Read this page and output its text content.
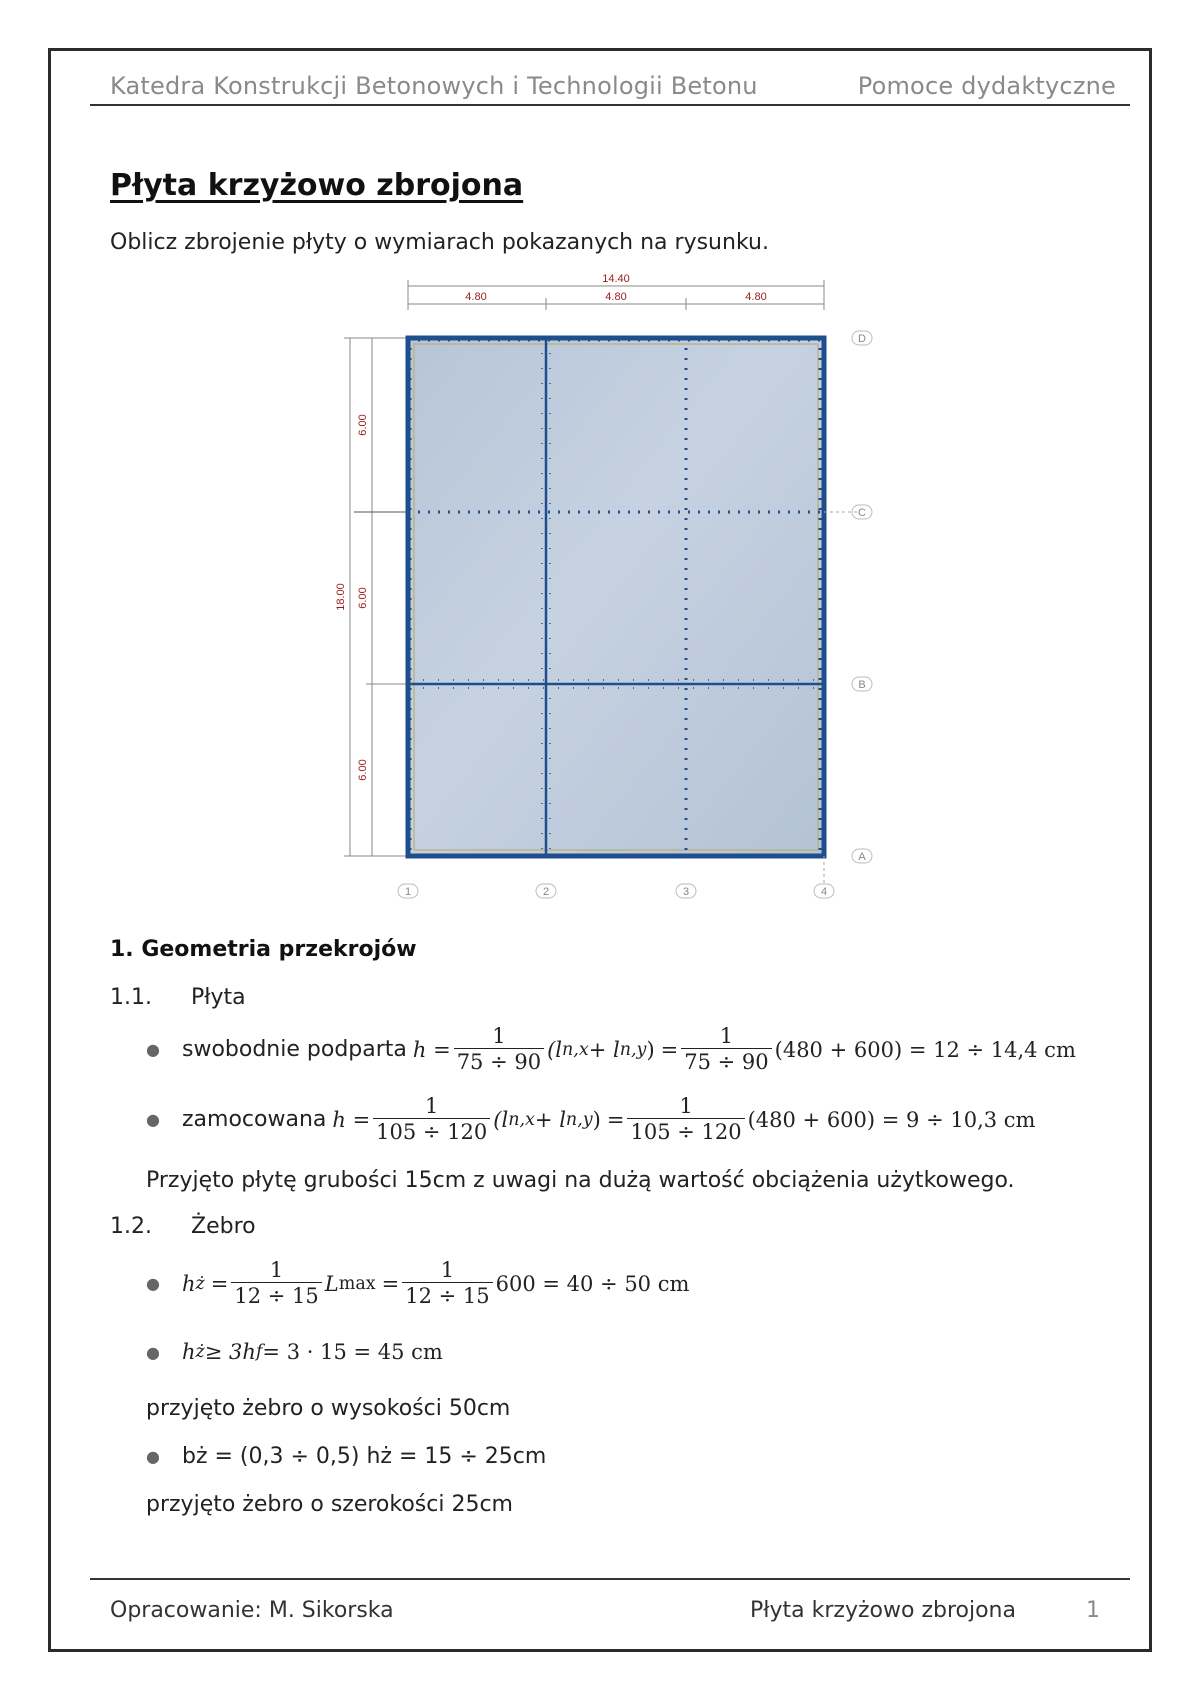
Katedra Konstrukcji Betonowych i Technologii Betonu	Pomoce dydaktyczne
Płyta krzyżowo zbrojona
Oblicz zbrojenie płyty o wymiarach pokazanych na rysunku.
14.40
4.80	4.80	4.80
18.00
6.00
6.00
6.00
D
C
B
A
1	2	3	4
1. Geometria przekrojów
1.1. Płyta
●	swobodnie podparta $h = \frac{1}{75 \div 90} (l$ n,x + l n,y ) = $\frac{1}{75 \div 90} (480 + 600) = 12 \div 14,4$ cm
●	zamocowana $h = \frac{1}{105 \div 120} (l$ n,x + l n,y ) = $\frac{1}{105 \div 120} (480 + 600) = 9 \div 10,3$ cm
Przyjęto płytę grubości 15cm z uwagi na dużą wartość obciążenia użytkowego.
1.2. Żebro
●	h ż = $\frac{1}{12 \div 15}$ L $\max = \frac{1}{12 \div 15} 600 = 40 \div 50$ cm
●	h ż ≥ 3h f = 3 · 15 = 45 cm
przyjęto żebro o wysokości 50cm
●	bż = (0,3 ÷ 0,5) hż = 15 ÷ 25cm
przyjęto żebro o szerokości 25cm
Opracowanie: M. Sikorska	Płyta krzyżowo zbrojona	1
